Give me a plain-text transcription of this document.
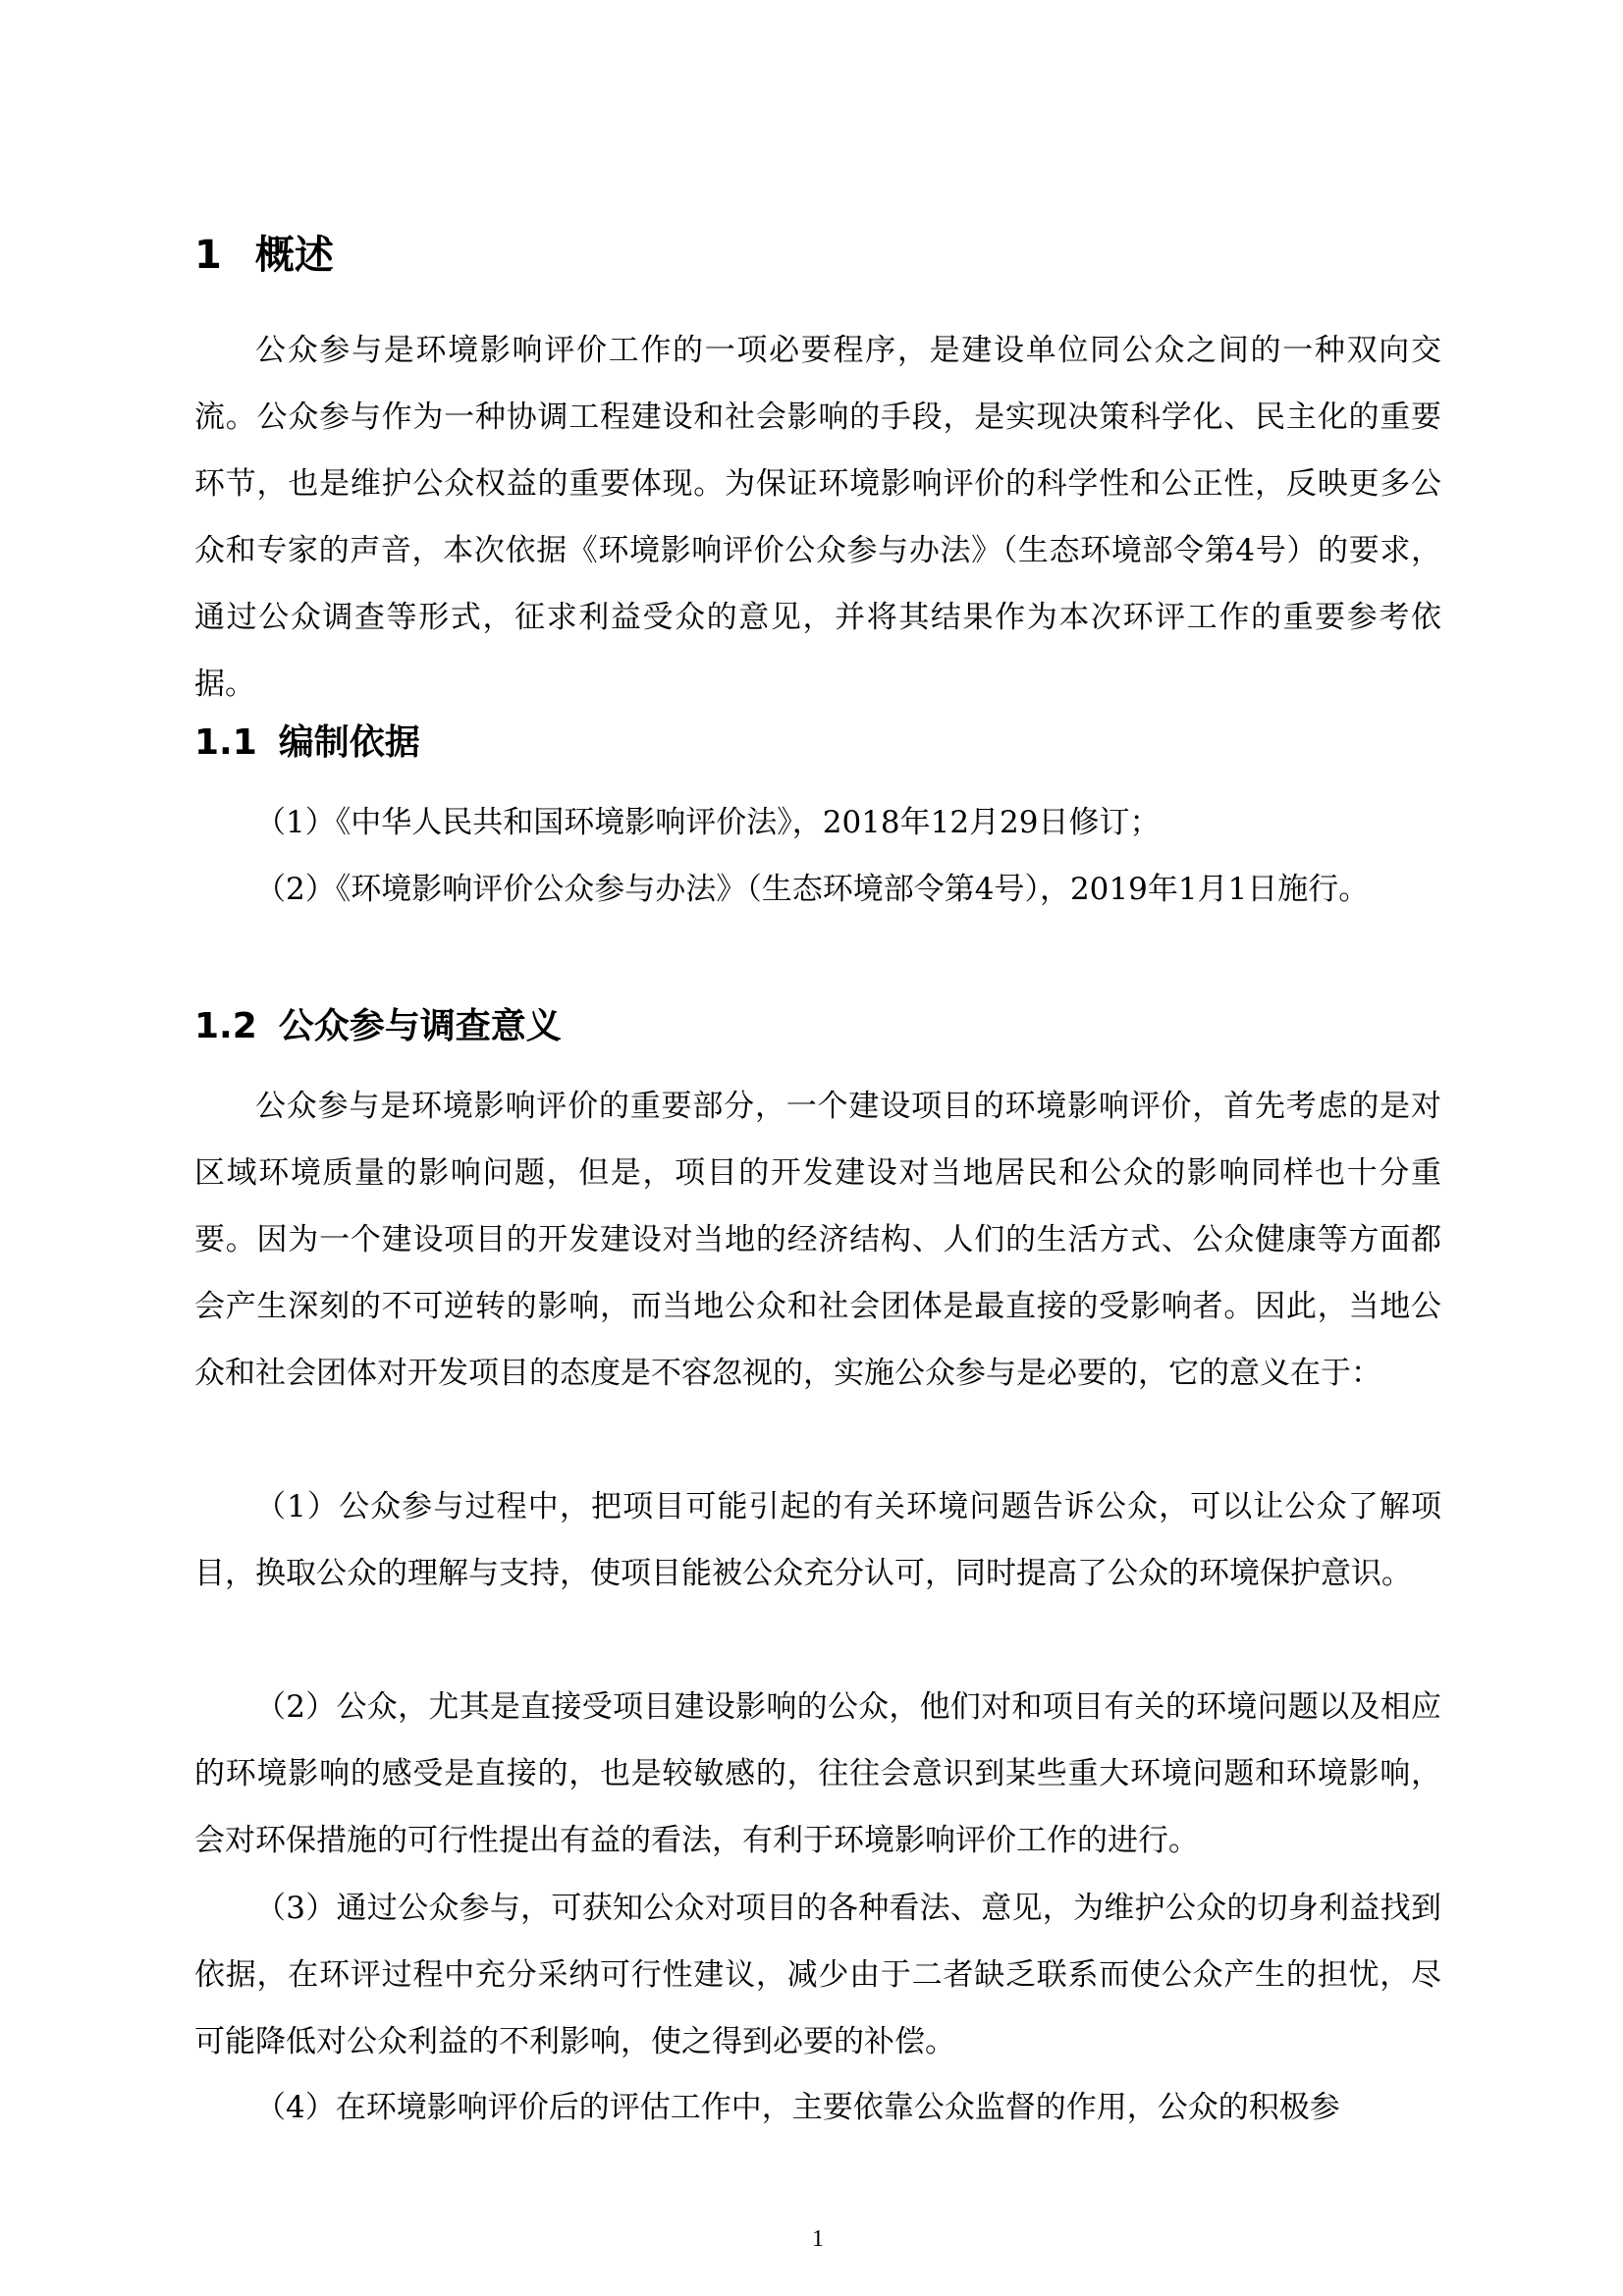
1 概述

公众参与是环境影响评价工作的一项必要程序，是建设单位同公众之间的一种双向交流。公众参与作为一种协调工程建设和社会影响的手段，是实现决策科学化、民主化的重要环节，也是维护公众权益的重要体现。为保证环境影响评价的科学性和公正性，反映更多公众和专家的声音，本次依据《环境影响评价公众参与办法》（生态环境部令第4号）的要求，通过公众调查等形式，征求利益受众的意见，并将其结果作为本次环评工作的重要参考依据。

1.1 编制依据

（1）《中华人民共和国环境影响评价法》，2018年12月29日修订；

（2）《环境影响评价公众参与办法》（生态环境部令第4号），2019年1月1日施行。

1.2 公众参与调查意义

公众参与是环境影响评价的重要部分，一个建设项目的环境影响评价，首先考虑的是对区域环境质量的影响问题，但是，项目的开发建设对当地居民和公众的影响同样也十分重要。因为一个建设项目的开发建设对当地的经济结构、人们的生活方式、公众健康等方面都会产生深刻的不可逆转的影响，而当地公众和社会团体是最直接的受影响者。因此，当地公众和社会团体对开发项目的态度是不容忽视的，实施公众参与是必要的，它的意义在于：

（1）公众参与过程中，把项目可能引起的有关环境问题告诉公众，可以让公众了解项目，换取公众的理解与支持，使项目能被公众充分认可，同时提高了公众的环境保护意识。

（2）公众，尤其是直接受项目建设影响的公众，他们对和项目有关的环境问题以及相应的环境影响的感受是直接的，也是较敏感的，往往会意识到某些重大环境问题和环境影响，会对环保措施的可行性提出有益的看法，有利于环境影响评价工作的进行。

（3）通过公众参与，可获知公众对项目的各种看法、意见，为维护公众的切身利益找到依据，在环评过程中充分采纳可行性建议，减少由于二者缺乏联系而使公众产生的担忧，尽可能降低对公众利益的不利影响，使之得到必要的补偿。

（4）在环境影响评价后的评估工作中，主要依靠公众监督的作用，公众的积极参

1
